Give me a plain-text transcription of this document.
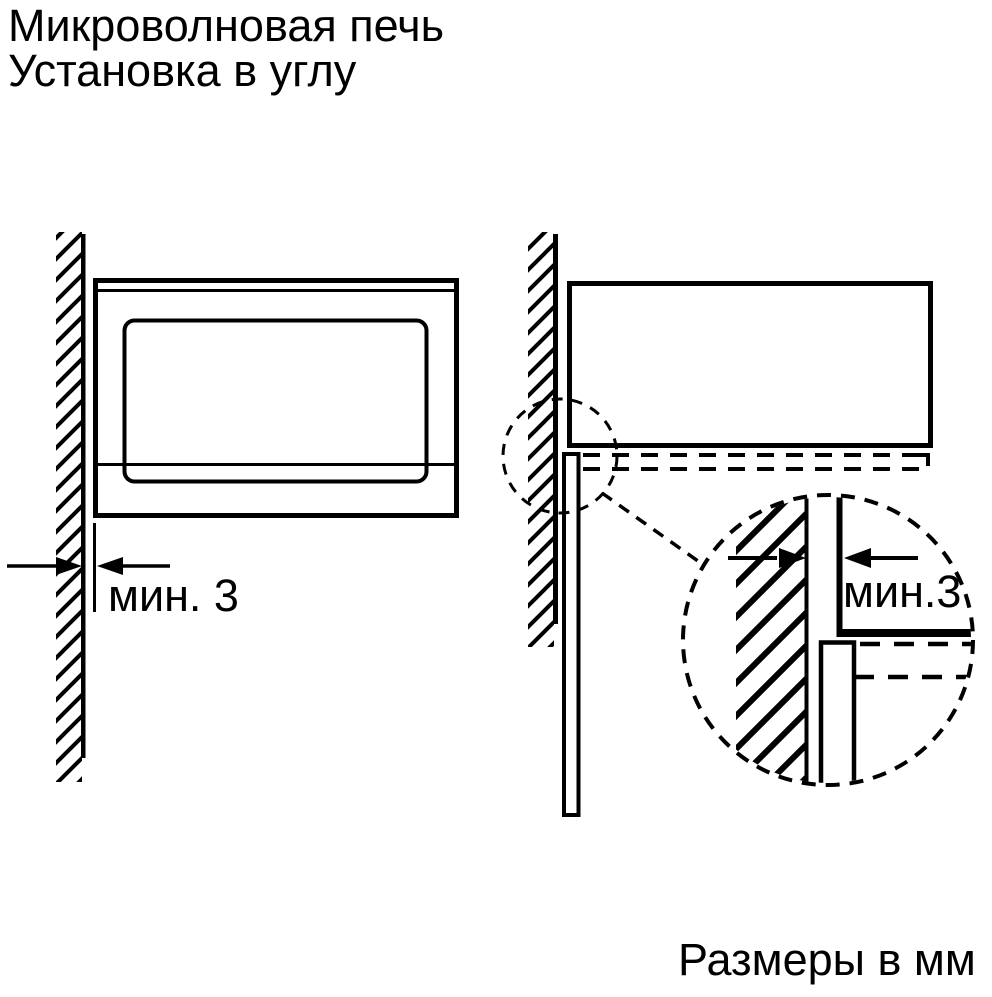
Микроволновая печь
Установка в углу
мин. 3	мин.3
Размеры в мм
